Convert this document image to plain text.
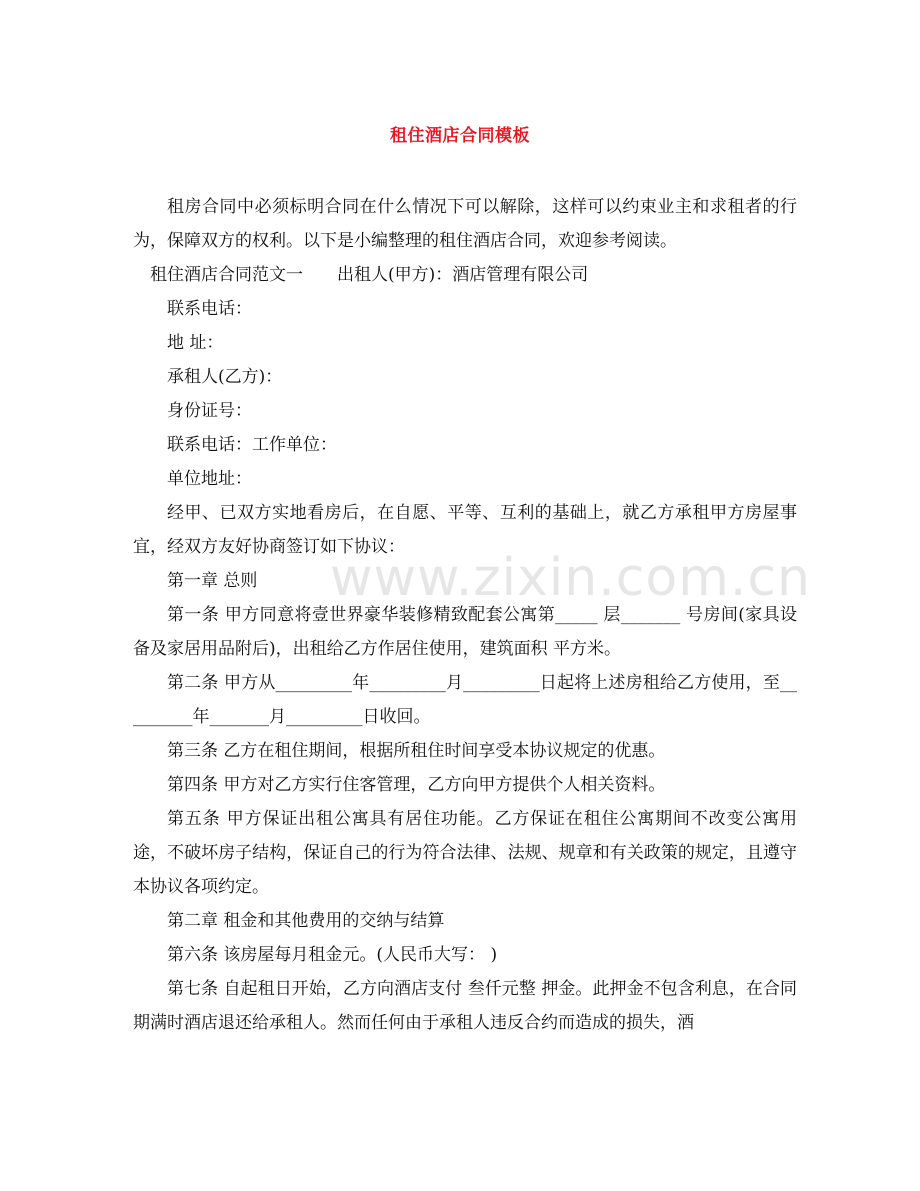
租住酒店合同模板
www.zixin.com.cn

租房合同中必须标明合同在什么情况下可以解除，这样可以约束业主和求租者的行为，保障双方的权利。以下是小编整理的租住酒店合同，欢迎参考阅读。

租住酒店合同范文一 出租人(甲方)：酒店管理有限公司

联系电话：

地 址：

承租人(乙方)：

身份证号：

联系电话：工作单位：

单位地址：

经甲、已双方实地看房后，在自愿、平等、互利的基础上，就乙方承租甲方房屋事宜，经双方友好协商签订如下协议：

第一章 总则

第一条 甲方同意将壹世界豪华装修精致配套公寓第_____ 层_______ 号房间(家具设备及家居用品附后)，出租给乙方作居住使用，建筑面积 平方米。

第二条 甲方从_________年_________月_________日起将上述房租给乙方使用，至_________年_______月_________日收回。

第三条 乙方在租住期间，根据所租住时间享受本协议规定的优惠。

第四条 甲方对乙方实行住客管理，乙方向甲方提供个人相关资料。

第五条 甲方保证出租公寓具有居住功能。乙方保证在租住公寓期间不改变公寓用途，不破坏房子结构，保证自己的行为符合法律、法规、规章和有关政策的规定，且遵守本协议各项约定。

第二章 租金和其他费用的交纳与结算

第六条 该房屋每月租金元。(人民币大写： )

第七条 自起租日开始，乙方向酒店支付 叁仟元整 押金。此押金不包含利息，在合同期满时酒店退还给承租人。然而任何由于承租人违反合约而造成的损失，酒
